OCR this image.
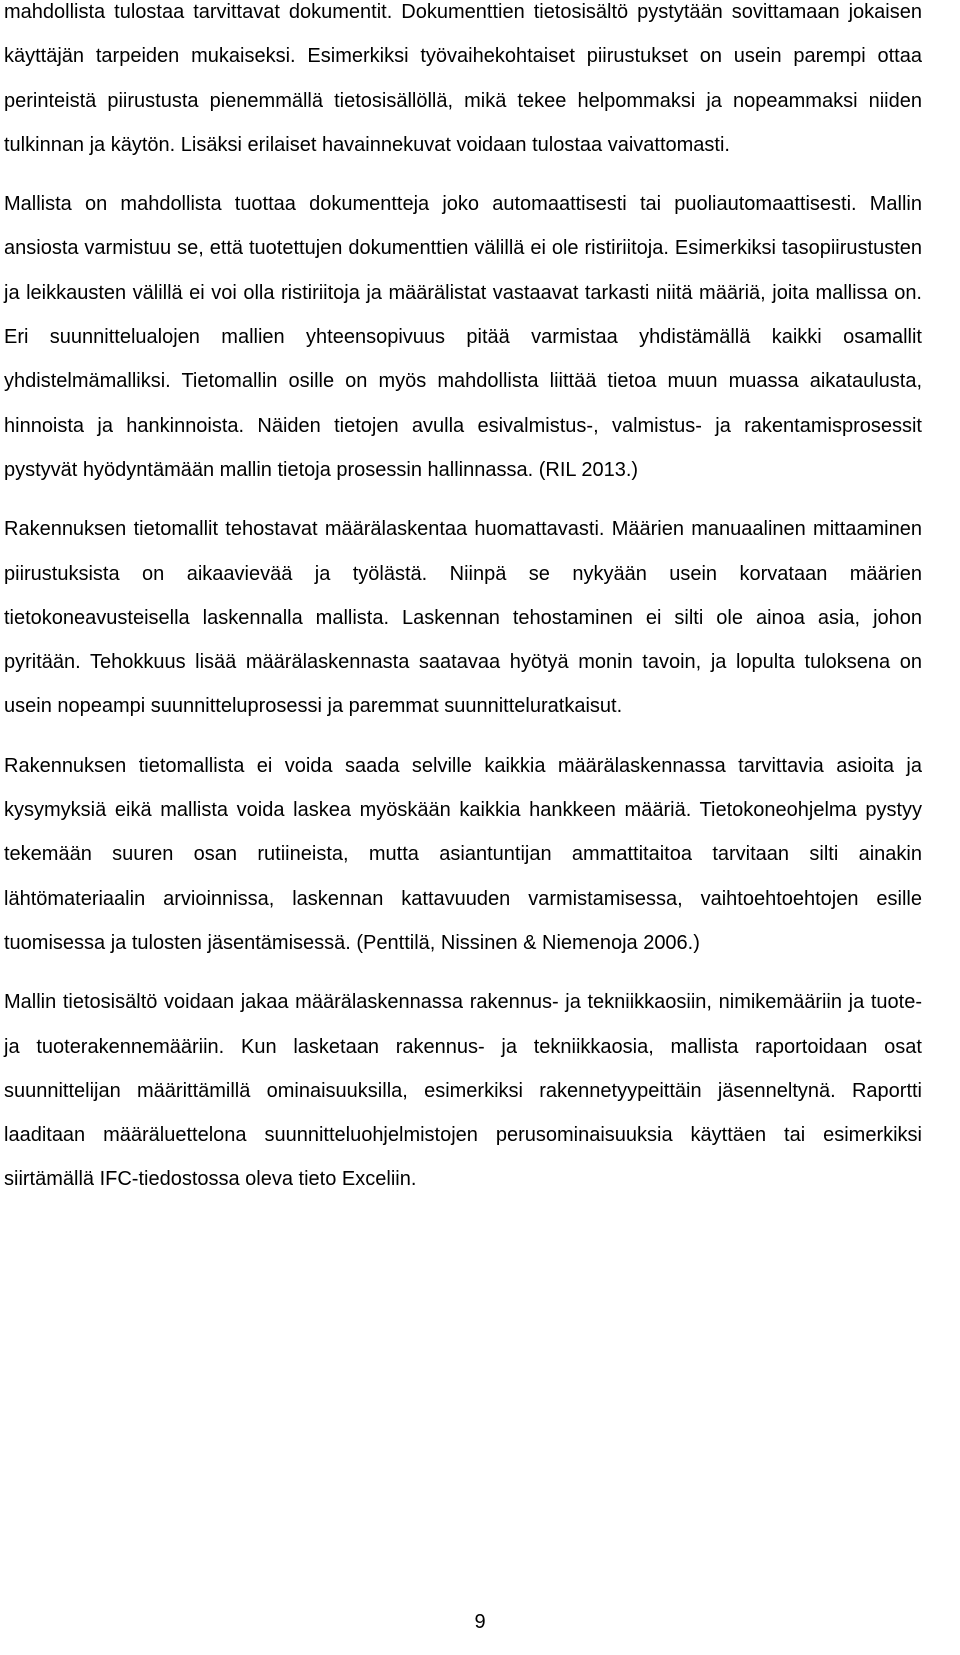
mahdollista tulostaa tarvittavat dokumentit. Dokumenttien tietosisältö pystytään sovittamaan jokaisen käyttäjän tarpeiden mukaiseksi. Esimerkiksi työvaihekohtaiset piirustukset on usein parempi ottaa perinteistä piirustusta pienemmällä tietosisällöllä, mikä tekee helpommaksi ja nopeammaksi niiden tulkinnan ja käytön. Lisäksi erilaiset havainnekuvat voidaan tulostaa vaivattomasti.

Mallista on mahdollista tuottaa dokumentteja joko automaattisesti tai puoliautomaattisesti. Mallin ansiosta varmistuu se, että tuotettujen dokumenttien välillä ei ole ristiriitoja. Esimerkiksi tasopiirustusten ja leikkausten välillä ei voi olla ristiriitoja ja määrälistat vastaavat tarkasti niitä määriä, joita mallissa on. Eri suunnittelualojen mallien yhteensopivuus pitää varmistaa yhdistämällä kaikki osamallit yhdistelmämalliksi. Tietomallin osille on myös mahdollista liittää tietoa muun muassa aikataulusta, hinnoista ja hankinnoista. Näiden tietojen avulla esivalmistus-, valmistus- ja rakentamisprosessit pystyvät hyödyntämään mallin tietoja prosessin hallinnassa. (RIL 2013.)

Rakennuksen tietomallit tehostavat määrälaskentaa huomattavasti. Määrien manuaalinen mittaaminen piirustuksista on aikaavievää ja työlästä. Niinpä se nykyään usein korvataan määrien tietokoneavusteisella laskennalla mallista. Laskennan tehostaminen ei silti ole ainoa asia, johon pyritään. Tehokkuus lisää määrälaskennasta saatavaa hyötyä monin tavoin, ja lopulta tuloksena on usein nopeampi suunnitteluprosessi ja paremmat suunnitteluratkaisut.

Rakennuksen tietomallista ei voida saada selville kaikkia määrälaskennassa tarvittavia asioita ja kysymyksiä eikä mallista voida laskea myöskään kaikkia hankkeen määriä. Tietokoneohjelma pystyy tekemään suuren osan rutiineista, mutta asiantuntijan ammattitaitoa tarvitaan silti ainakin lähtömateriaalin arvioinnissa, laskennan kattavuuden varmistamisessa, vaihtoehtoehtojen esille tuomisessa ja tulosten jäsentämisessä. (Penttilä, Nissinen & Niemenoja 2006.)

Mallin tietosisältö voidaan jakaa määrälaskennassa rakennus- ja tekniikkaosiin, nimikemääriin ja tuote- ja tuoterakennemääriin. Kun lasketaan rakennus- ja tekniikkaosia, mallista raportoidaan osat suunnittelijan määrittämillä ominaisuuksilla, esimerkiksi rakennetyypeittäin jäsenneltynä. Raportti laaditaan määräluettelona suunnitteluohjelmistojen perusominaisuuksia käyttäen tai esimerkiksi siirtämällä IFC-tiedostossa oleva tieto Exceliin.

9
